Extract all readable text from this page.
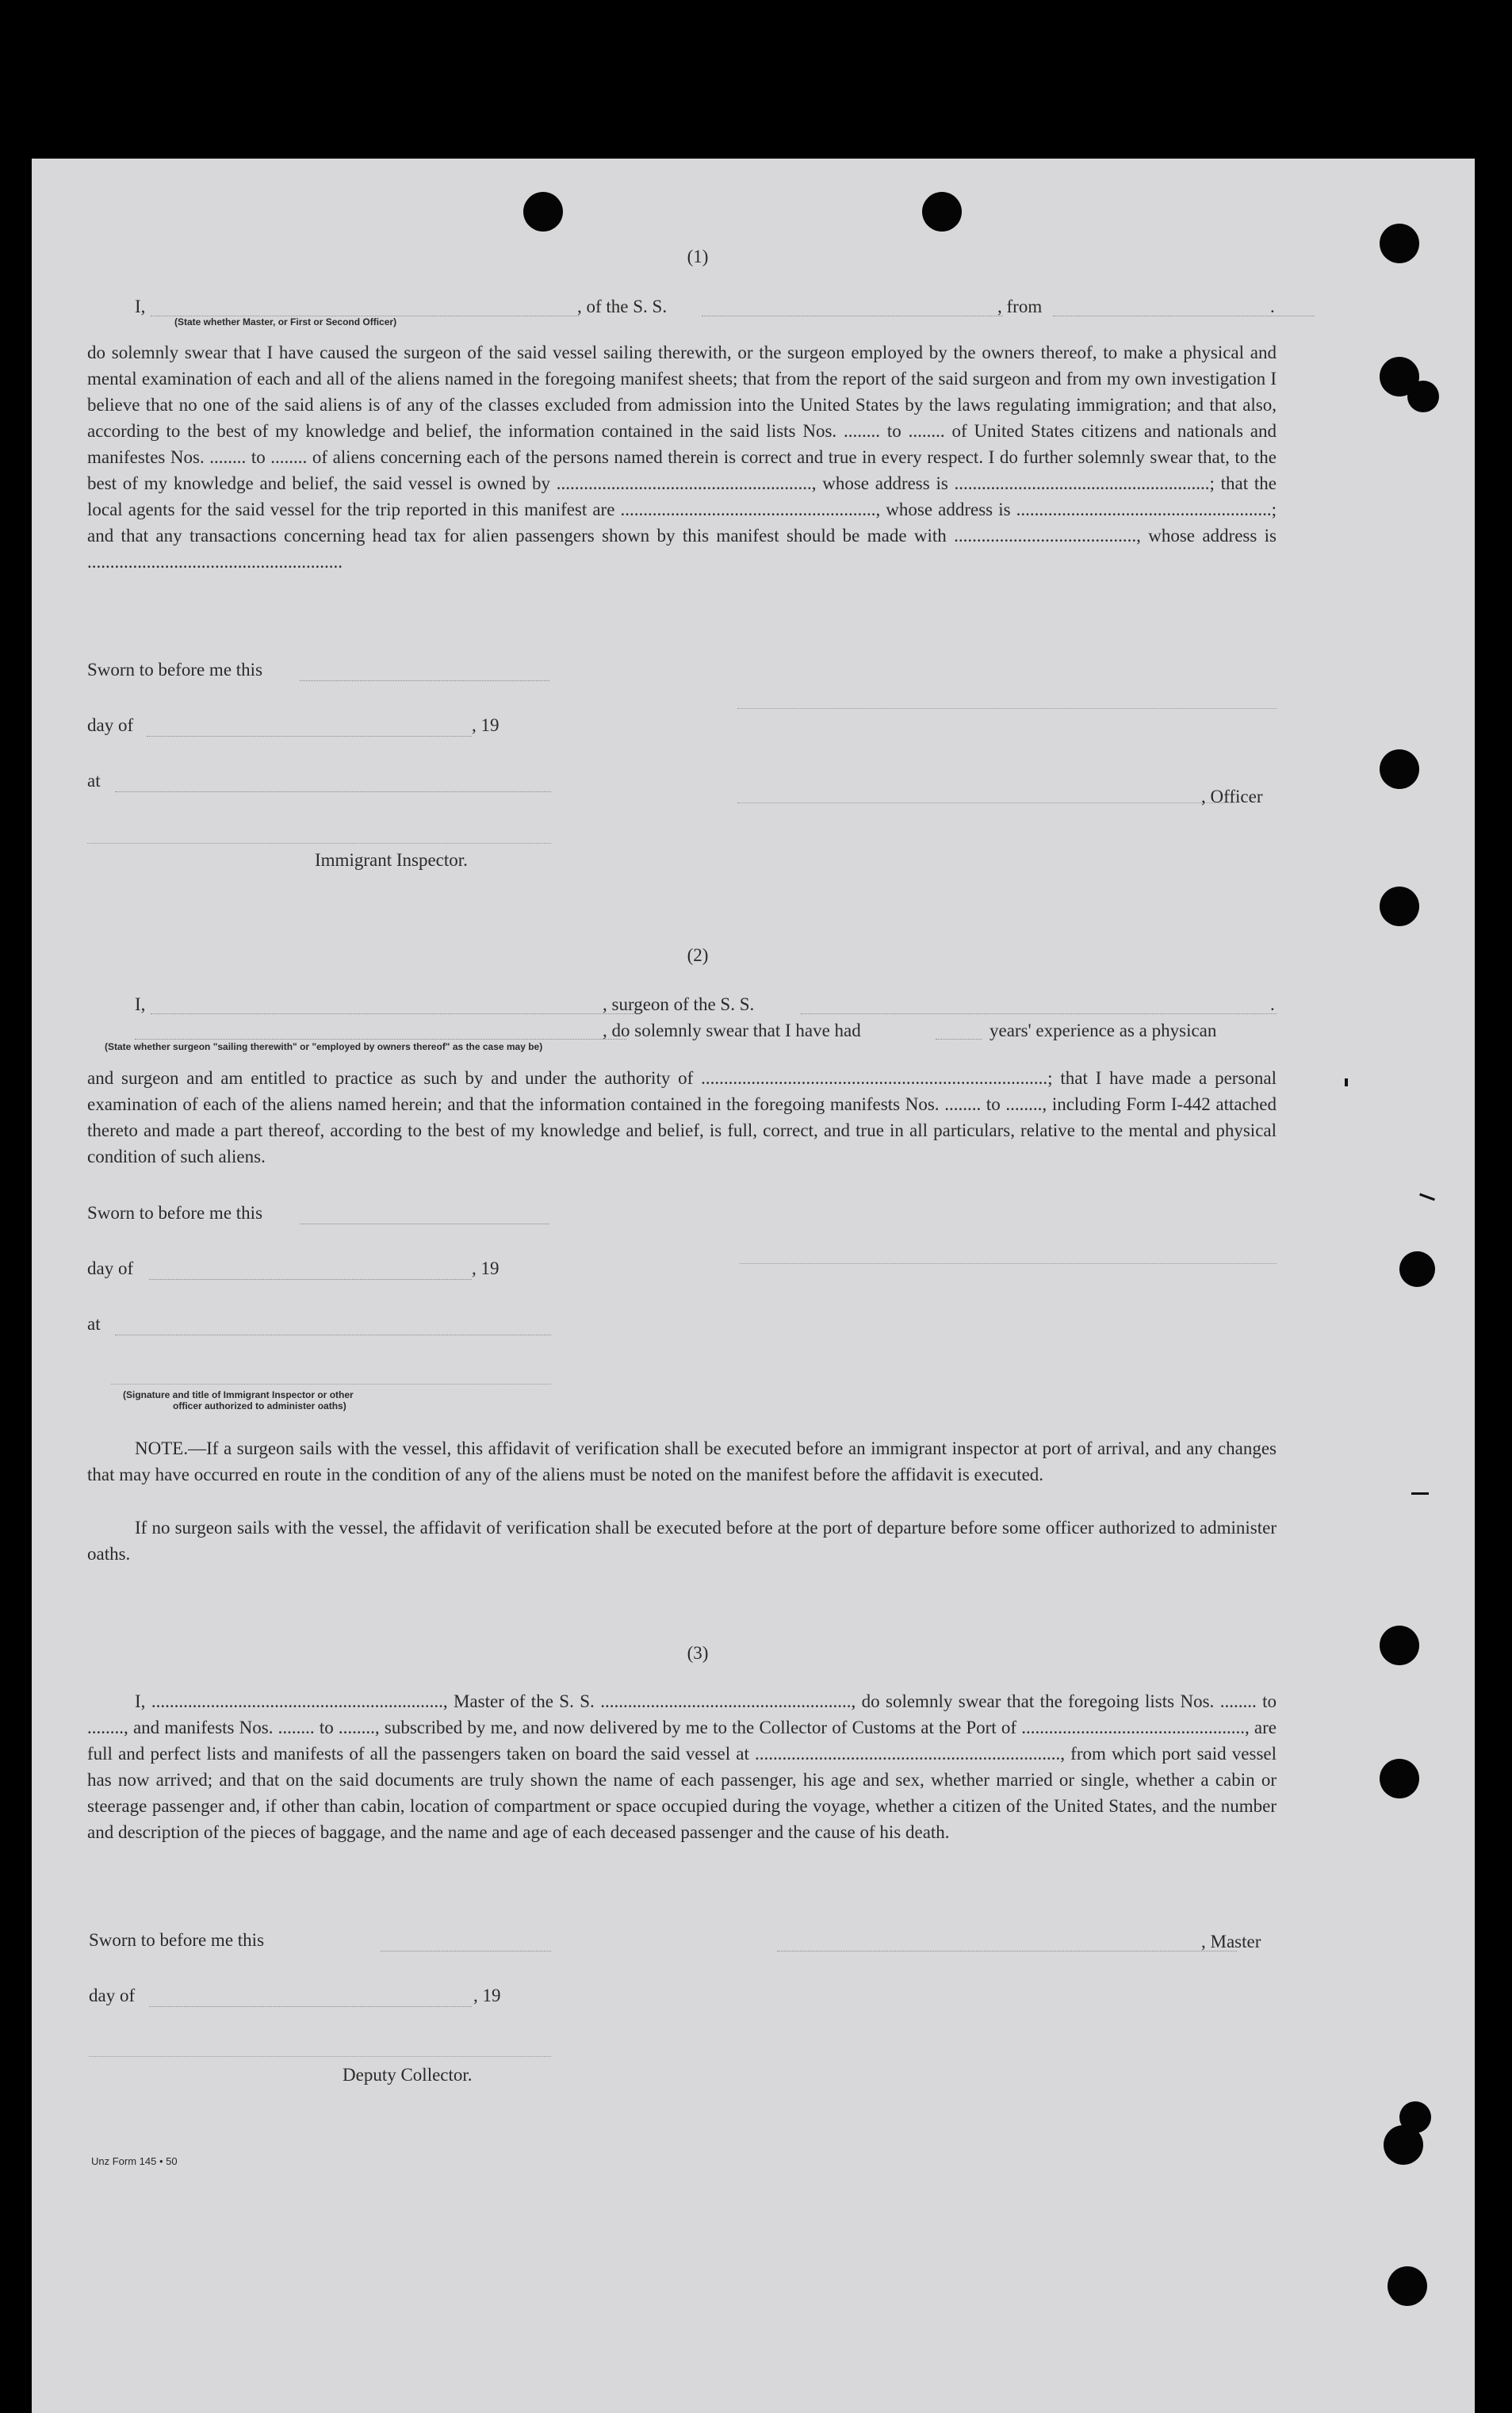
(1)
I,	, of the S. S.	, from	.
(State whether Master, or First or Second Officer)
do solemnly swear that I have caused the surgeon of the said vessel sailing therewith, or the surgeon employed by the owners thereof, to make a physical and mental examination of each and all of the aliens named in the foregoing manifest sheets; that from the report of the said surgeon and from my own investigation I believe that no one of the said aliens is of any of the classes excluded from admission into the United States by the laws regulating immigration; and that also, according to the best of my knowledge and belief, the information contained in the said lists Nos. ........ to ........ of United States citizens and nationals and manifestes Nos. ........ to ........ of aliens concerning each of the persons named therein is correct and true in every respect. I do further solemnly swear that, to the best of my knowledge and belief, the said vessel is owned by ........................................................, whose address is ........................................................; that the local agents for the said vessel for the trip reported in this manifest are ........................................................, whose address is ........................................................; and that any transactions concerning head tax for alien passengers shown by this manifest should be made with ........................................, whose address is ........................................................
Sworn to before me this
day of	, 19
at
, Officer
Immigrant Inspector.
(2)
I,	, surgeon of the S. S.	.
, do solemnly swear that I have had	years' experience as a physican
(State whether surgeon "sailing therewith" or "employed by owners thereof" as the case may be)
and surgeon and am entitled to practice as such by and under the authority of ............................................................................; that I have made a personal examination of each of the aliens named herein; and that the information contained in the foregoing manifests Nos. ........ to ........, including Form I-442 attached thereto and made a part thereof, according to the best of my knowledge and belief, is full, correct, and true in all particulars, relative to the mental and physical condition of such aliens.
Sworn to before me this
day of	, 19
at
(Signature and title of Immigrant Inspector or other
officer authorized to administer oaths)
NOTE.—If a surgeon sails with the vessel, this affidavit of verification shall be executed before an immigrant inspector at port of arrival, and any changes that may have occurred en route in the condition of any of the aliens must be noted on the manifest before the affidavit is executed.
If no surgeon sails with the vessel, the affidavit of verification shall be executed before at the port of departure before some officer authorized to administer oaths.
(3)
I, ................................................................, Master of the S. S. ......................................................., do solemnly swear that the foregoing lists Nos. ........ to ........, and manifests Nos. ........ to ........, subscribed by me, and now delivered by me to the Collector of Customs at the Port of ................................................., are full and perfect lists and manifests of all the passengers taken on board the said vessel at ..................................................................., from which port said vessel has now arrived; and that on the said documents are truly shown the name of each passenger, his age and sex, whether married or single, whether a cabin or steerage passenger and, if other than cabin, location of compartment or space occupied during the voyage, whether a citizen of the United States, and the number and description of the pieces of baggage, and the name and age of each deceased passenger and the cause of his death.
Sworn to before me this	, Master
day of	, 19
Deputy Collector.
Unz Form 145 • 50
